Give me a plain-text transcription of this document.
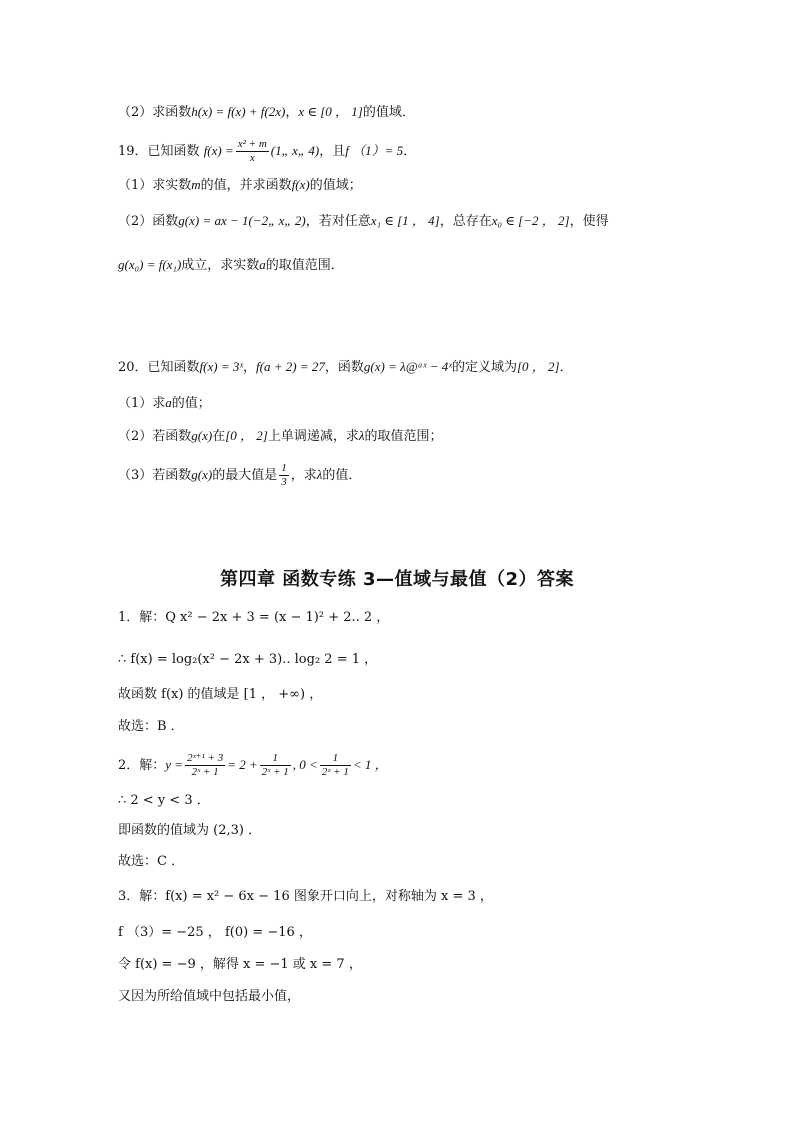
（2）求函数h(x) = f(x) + f(2x)，x ∈ [0 ， 1]的值域．
19．已知函数 $f(x) = \frac{\text{x² + m}}{x}$ (1„ x„ 4)，且f （1）= 5．
（1）求实数m的值，并求函数f(x)的值域；
（2）函数g(x) = ax − 1(−2„ x„ 2)，若对任意x₁ ∈ [1 ， 4]，总存在x₀ ∈ [−2 ， 2]，使得
g(x₀) = f(x₁)成立，求实数a的取值范围．
20．已知函数f(x) = 3ˣ，f(a + 2) = 27，函数g(x) = λ@ᵃˣ − 4ˣ的定义域为[0 ， 2]．
（1）求a的值；
（2）若函数g(x)在[0 ， 2]上单调递减，求λ的取值范围；
（3）若函数g(x)的最大值是 $\frac{1}{3}$ ，求λ的值．
第四章 函数专练 3—值域与最值（2）答案
1．解：Q x² − 2x + 3 = (x − 1)² + 2.. 2 ，
∴ f(x) = log₂(x² − 2x + 3).. log₂ 2 = 1 ，
故函数 f(x) 的值域是 [1 ， +∞) ，
故选：B ．
2．解：$y = \frac{\text{2ˣ⁺¹ + 3}}{\text{2ˣ + 1}} = 2 + \frac{1}{\text{2ˣ + 1}}$ , $0 < \frac{1}{\text{2ˣ + 1}} < 1$ ，
∴ 2 < y < 3 ．
即函数的值域为 (2,3) ．
故选：C ．
3．解：f(x) = x² − 6x − 16 图象开口向上，对称轴为 x = 3 ，
f （3）= −25 ， f(0) = −16 ，
令 f(x) = −9 ，解得 x = −1 或 x = 7 ，
又因为所给值域中包括最小值，
